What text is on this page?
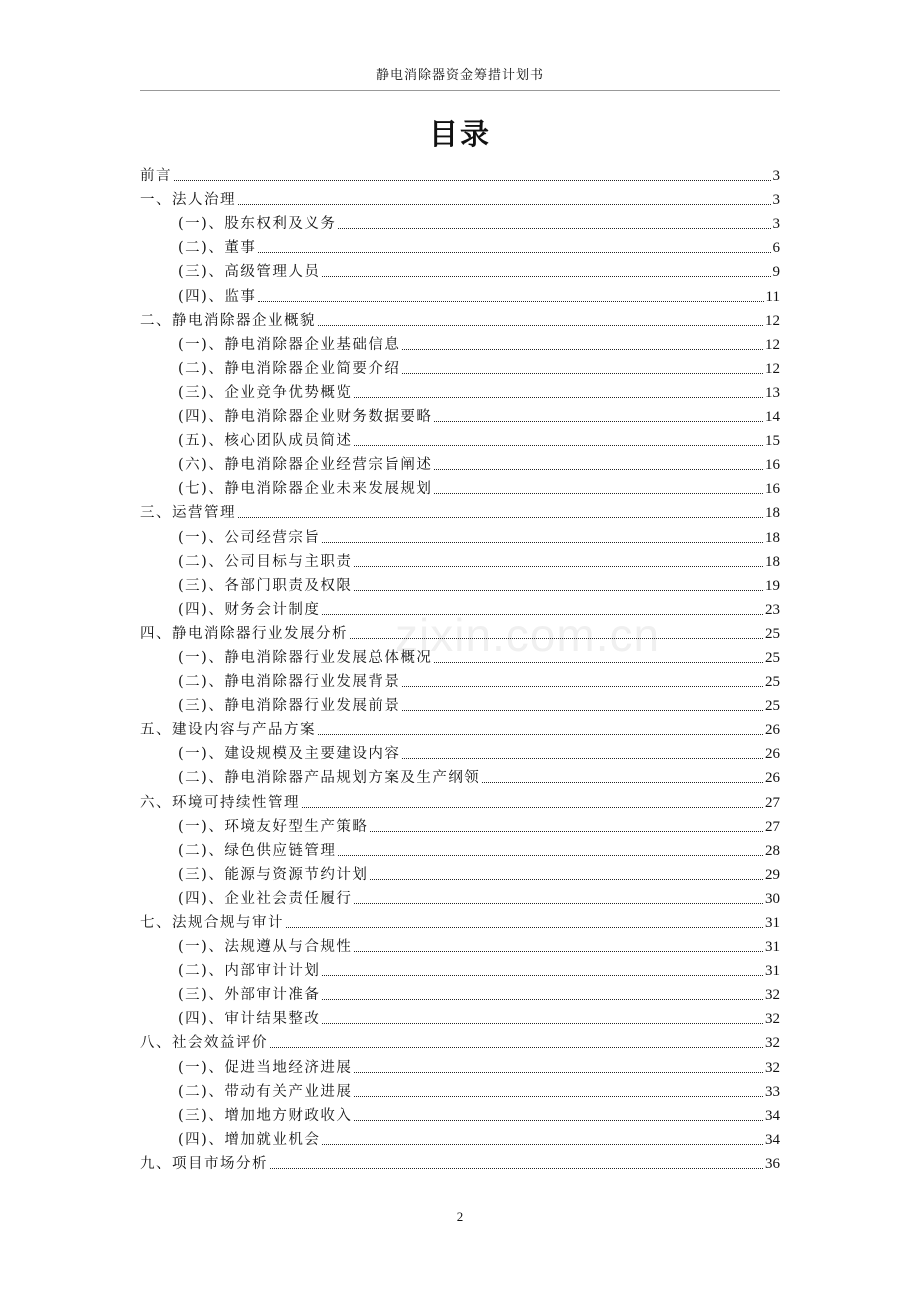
静电消除器资金筹措计划书
目录
zixin.com.cn
前言	3
一、法人治理	3
(一)、股东权利及义务	3
(二)、董事	6
(三)、高级管理人员	9
(四)、监事	11
二、静电消除器企业概貌	12
(一)、静电消除器企业基础信息	12
(二)、静电消除器企业简要介绍	12
(三)、企业竞争优势概览	13
(四)、静电消除器企业财务数据要略	14
(五)、核心团队成员简述	15
(六)、静电消除器企业经营宗旨阐述	16
(七)、静电消除器企业未来发展规划	16
三、运营管理	18
(一)、公司经营宗旨	18
(二)、公司目标与主职责	18
(三)、各部门职责及权限	19
(四)、财务会计制度	23
四、静电消除器行业发展分析	25
(一)、静电消除器行业发展总体概况	25
(二)、静电消除器行业发展背景	25
(三)、静电消除器行业发展前景	25
五、建设内容与产品方案	26
(一)、建设规模及主要建设内容	26
(二)、静电消除器产品规划方案及生产纲领	26
六、环境可持续性管理	27
(一)、环境友好型生产策略	27
(二)、绿色供应链管理	28
(三)、能源与资源节约计划	29
(四)、企业社会责任履行	30
七、法规合规与审计	31
(一)、法规遵从与合规性	31
(二)、内部审计计划	31
(三)、外部审计准备	32
(四)、审计结果整改	32
八、社会效益评价	32
(一)、促进当地经济进展	32
(二)、带动有关产业进展	33
(三)、增加地方财政收入	34
(四)、增加就业机会	34
九、项目市场分析	36
2
